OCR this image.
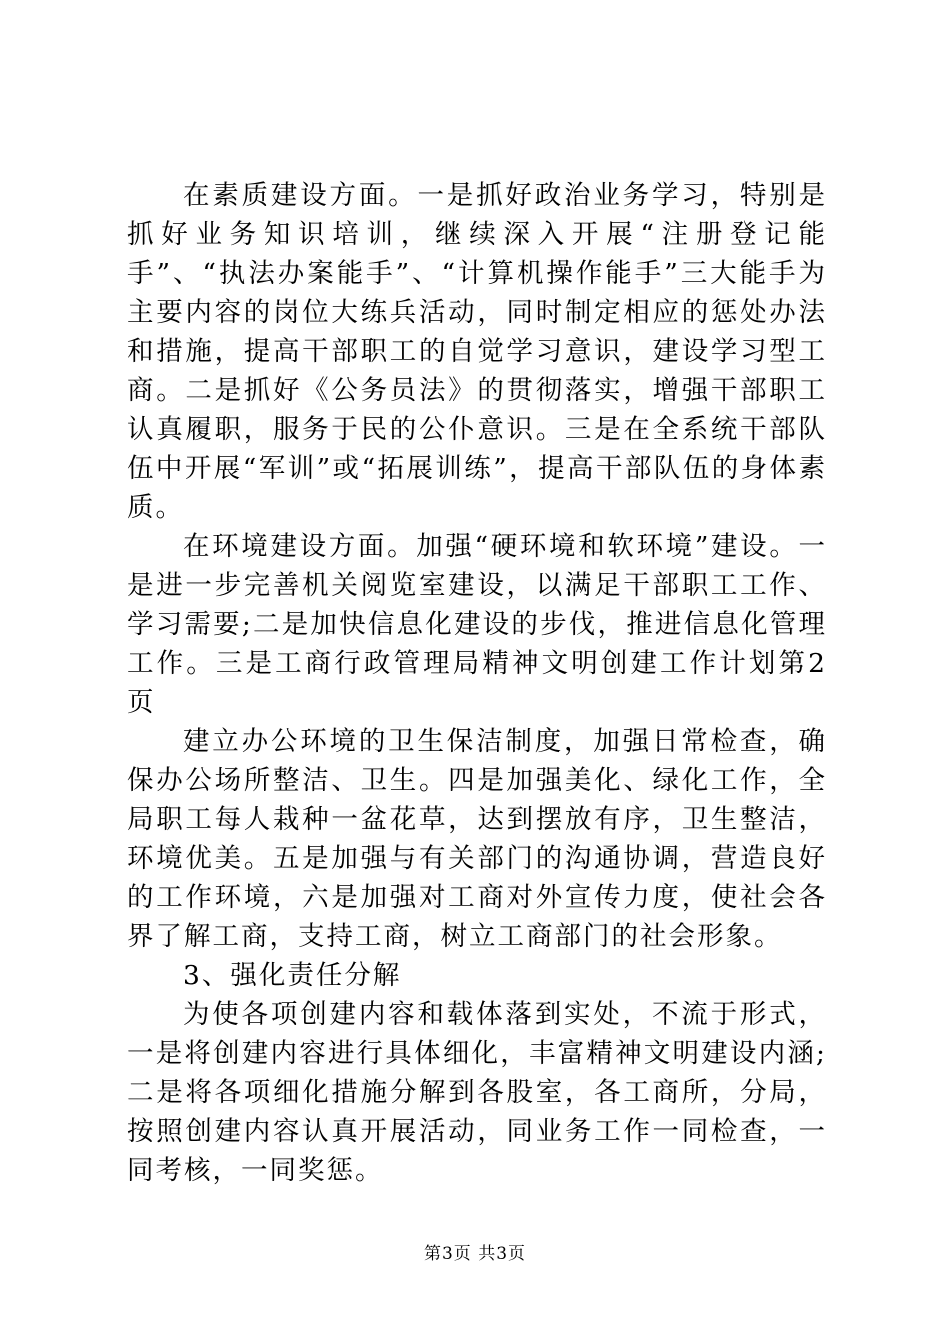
在素质建设方面。一是抓好政治业务学习，特别是抓好业务知识培训，继续深入开展“注册登记能手”、“执法办案能手”、“计算机操作能手”三大能手为主要内容的岗位大练兵活动，同时制定相应的惩处办法和措施，提高干部职工的自觉学习意识，建设学习型工商。二是抓好《公务员法》的贯彻落实，增强干部职工认真履职，服务于民的公仆意识。三是在全系统干部队伍中开展“军训”或“拓展训练”，提高干部队伍的身体素质。

在环境建设方面。加强“硬环境和软环境”建设。一是进一步完善机关阅览室建设，以满足干部职工工作、学习需要;二是加快信息化建设的步伐，推进信息化管理工作。三是工商行政管理局精神文明创建工作计划第2页

建立办公环境的卫生保洁制度，加强日常检查，确保办公场所整洁、卫生。四是加强美化、绿化工作，全局职工每人栽种一盆花草，达到摆放有序，卫生整洁，环境优美。五是加强与有关部门的沟通协调，营造良好的工作环境，六是加强对工商对外宣传力度，使社会各界了解工商，支持工商，树立工商部门的社会形象。

3、强化责任分解

为使各项创建内容和载体落到实处，不流于形式，一是将创建内容进行具体细化，丰富精神文明建设内涵;二是将各项细化措施分解到各股室，各工商所，分局，按照创建内容认真开展活动，同业务工作一同检查，一同考核，一同奖惩。

第3页 共3页
